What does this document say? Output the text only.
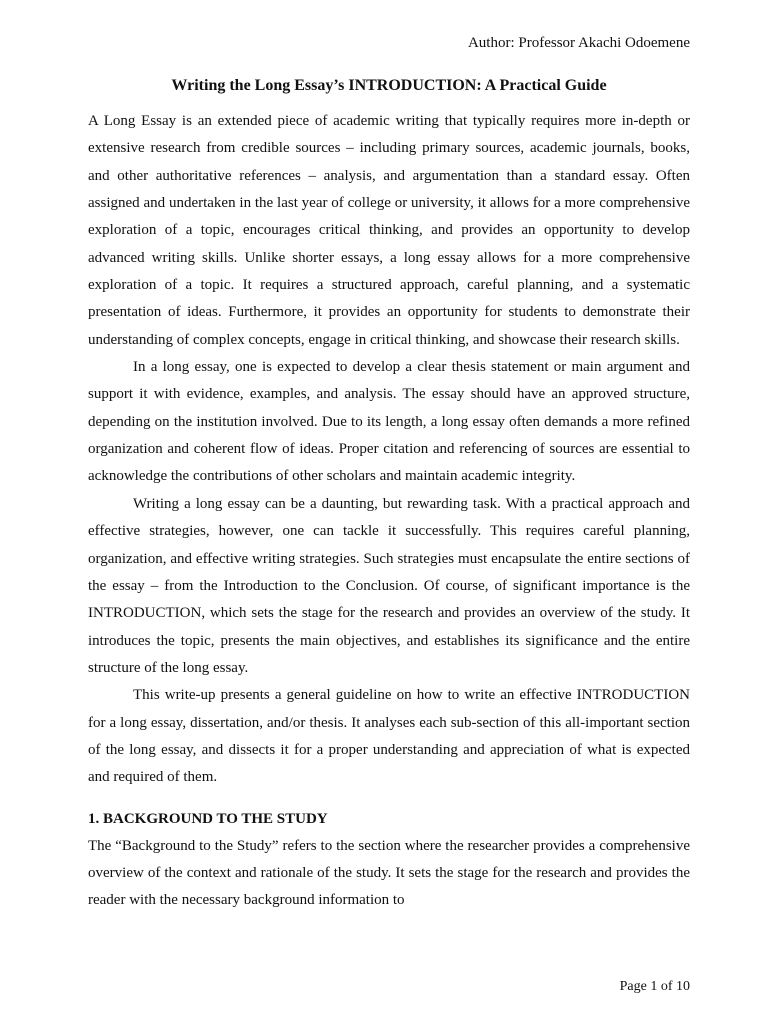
Author: Professor Akachi Odoemene
Writing the Long Essay’s INTRODUCTION: A Practical Guide

A Long Essay is an extended piece of academic writing that typically requires more in-depth or extensive research from credible sources – including primary sources, academic journals, books, and other authoritative references – analysis, and argumentation than a standard essay. Often assigned and undertaken in the last year of college or university, it allows for a more comprehensive exploration of a topic, encourages critical thinking, and provides an opportunity to develop advanced writing skills. Unlike shorter essays, a long essay allows for a more comprehensive exploration of a topic. It requires a structured approach, careful planning, and a systematic presentation of ideas. Furthermore, it provides an opportunity for students to demonstrate their understanding of complex concepts, engage in critical thinking, and showcase their research skills.

In a long essay, one is expected to develop a clear thesis statement or main argument and support it with evidence, examples, and analysis. The essay should have an approved structure, depending on the institution involved. Due to its length, a long essay often demands a more refined organization and coherent flow of ideas. Proper citation and referencing of sources are essential to acknowledge the contributions of other scholars and maintain academic integrity.

Writing a long essay can be a daunting, but rewarding task. With a practical approach and effective strategies, however, one can tackle it successfully. This requires careful planning, organization, and effective writing strategies. Such strategies must encapsulate the entire sections of the essay – from the Introduction to the Conclusion. Of course, of significant importance is the INTRODUCTION, which sets the stage for the research and provides an overview of the study. It introduces the topic, presents the main objectives, and establishes its significance and the entire structure of the long essay.

This write-up presents a general guideline on how to write an effective INTRODUCTION for a long essay, dissertation, and/or thesis. It analyses each sub-section of this all-important section of the long essay, and dissects it for a proper understanding and appreciation of what is expected and required of them.

1. BACKGROUND TO THE STUDY

The “Background to the Study” refers to the section where the researcher provides a comprehensive overview of the context and rationale of the study. It sets the stage for the research and provides the reader with the necessary background information to

Page 1 of 10
